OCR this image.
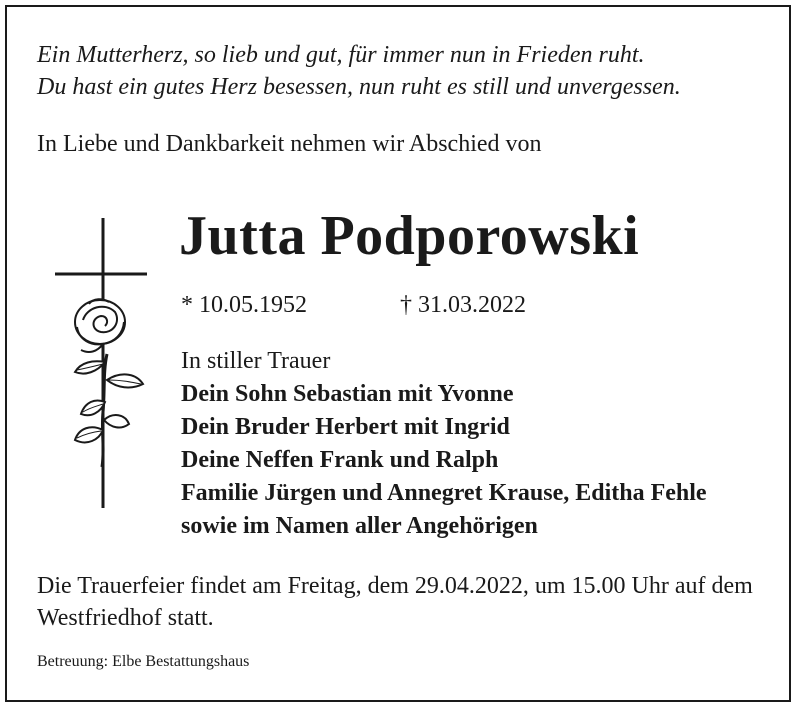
Ein Mutterherz, so lieb und gut, für immer nun in Frieden ruht.
Du hast ein gutes Herz besessen, nun ruht es still und unvergessen.

In Liebe und Dankbarkeit nehmen wir Abschied von

Jutta Podporowski
* 10.05.1952	† 31.03.2022
In stiller Trauer
Dein Sohn Sebastian mit Yvonne
Dein Bruder Herbert mit Ingrid
Deine Neffen Frank und Ralph
Familie Jürgen und Annegret Krause, Editha Fehle
sowie im Namen aller Angehörigen

Die Trauerfeier findet am Freitag, dem 29.04.2022, um 15.00 Uhr auf dem Westfriedhof statt.

Betreuung: Elbe Bestattungshaus
